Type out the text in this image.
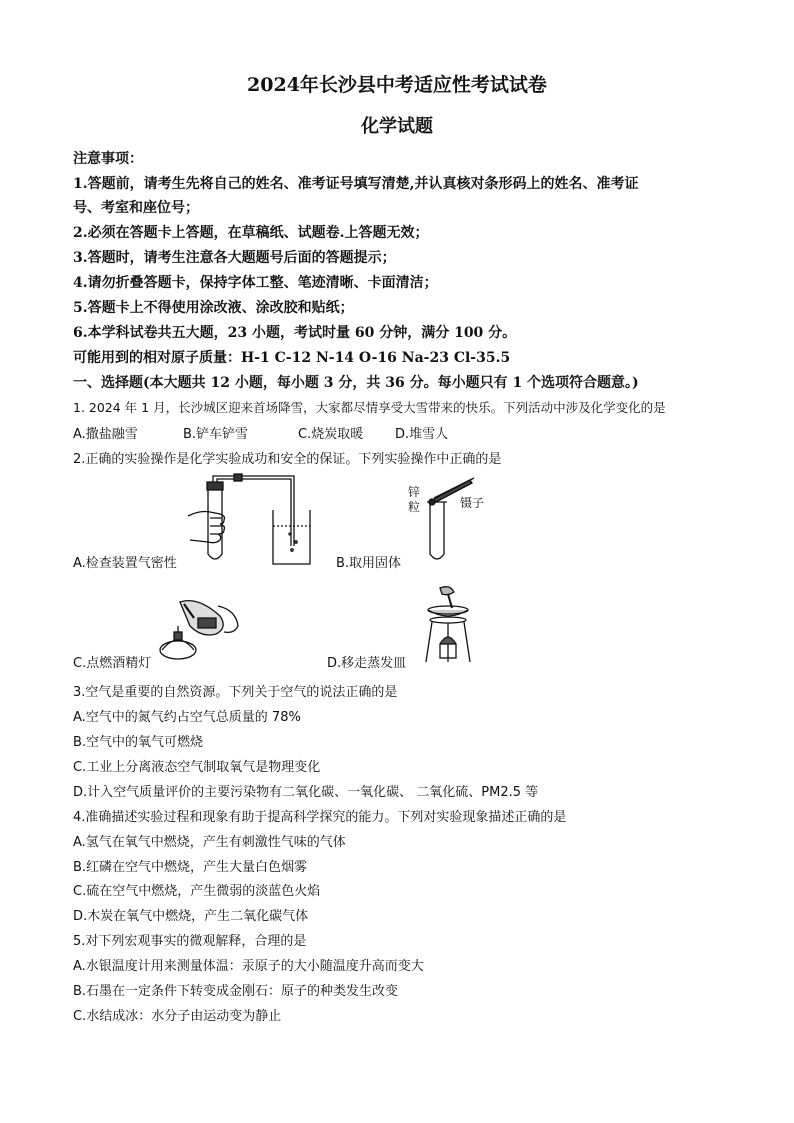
2024年长沙县中考适应性考试试卷
化学试题
注意事项：
1.答题前，请考生先将自己的姓名、准考证号填写清楚,并认真核对条形码上的姓名、准考证
号、考室和座位号；
2.必须在答题卡上答题，在草稿纸、试题卷.上答题无效；
3.答题时，请考生注意各大题题号后面的答题提示；
4.请勿折叠答题卡，保持字体工整、笔迹清晰、卡面清洁；
5.答题卡上不得使用涂改液、涂改胶和贴纸；
6.本学科试卷共五大题，23 小题，考试时量 60 分钟，满分 100 分。
可能用到的相对原子质量：H-1 C-12 N-14 O-16 Na-23 Cl-35.5
一、选择题(本大题共 12 小题，每小题 3 分，共 36 分。每小题只有 1 个选项符合题意。)
1. 2024 年 1 月，长沙城区迎来首场降雪，大家都尽情享受大雪带来的快乐。下列活动中涉及化学变化的是
A.撒盐融雪	B.铲车铲雪	C.烧炭取暖 D.堆雪人
2.正确的实验操作是化学实验成功和安全的保证。下列实验操作中正确的是
A.检查装置气密性
锌
粒	镊子
B.取用固体
C.点燃酒精灯	D.移走蒸发皿
3.空气是重要的自然资源。下列关于空气的说法正确的是
A.空气中的氮气约占空气总质量的 78%
B.空气中的氧气可燃烧
C.工业上分离液态空气制取氧气是物理变化
D.计入空气质量评价的主要污染物有二氧化碳、一氧化碳、 二氧化硫、PM2.5 等
4.准确描述实验过程和现象有助于提高科学探究的能力。下列对实验现象描述正确的是
A.氢气在氧气中燃烧，产生有刺激性气味的气体
B.红磷在空气中燃烧，产生大量白色烟雾
C.硫在空气中燃烧，产生微弱的淡蓝色火焰
D.木炭在氧气中燃烧，产生二氧化碳气体
5.对下列宏观事实的微观解释，合理的是
A.水银温度计用来测量体温：汞原子的大小随温度升高而变大
B.石墨在一定条件下转变成金刚石：原子的种类发生改变
C.水结成冰：水分子由运动变为静止
